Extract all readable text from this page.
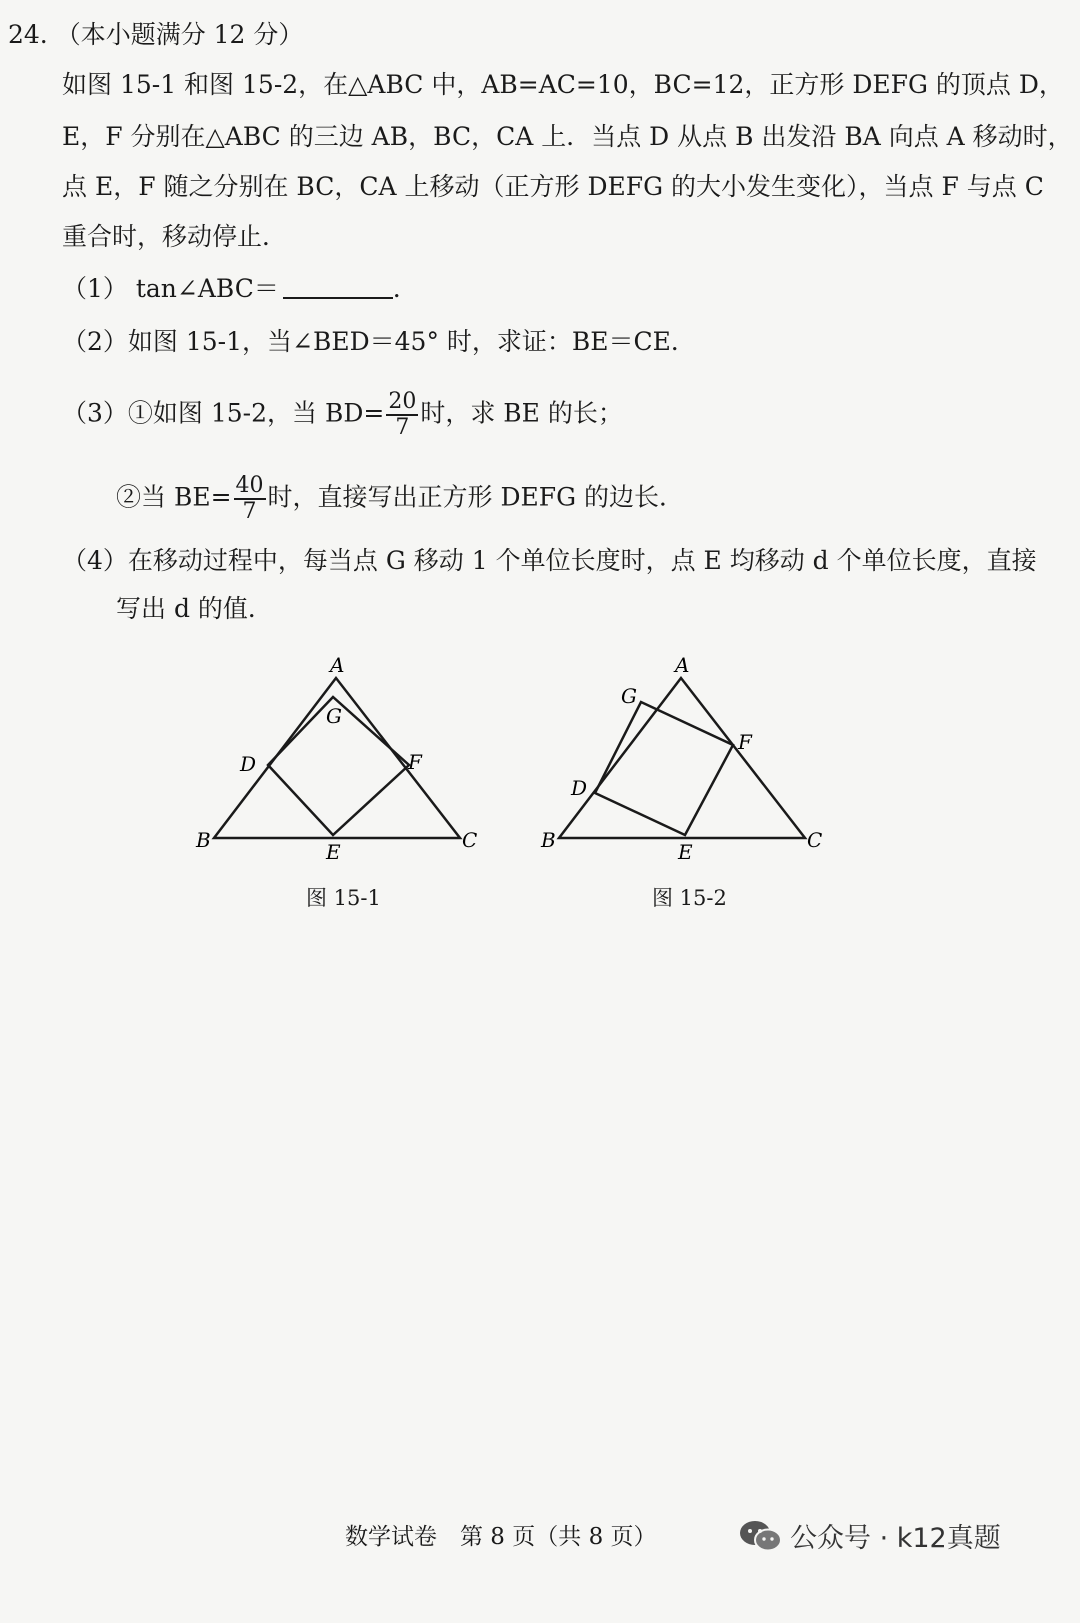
24. （本小题满分 12 分）
如图 15-1 和图 15-2，在△ABC 中，AB=AC=10，BC=12，正方形 DEFG 的顶点 D，
E，F 分别在△ABC 的三边 AB，BC，CA 上．当点 D 从点 B 出发沿 BA 向点 A 移动时，
点 E，F 随之分别在 BC，CA 上移动（正方形 DEFG 的大小发生变化），当点 F 与点 C
重合时，移动停止．
（1） tan∠ABC＝	．
（2）如图 15-1，当∠BED＝45° 时，求证：BE＝CE．
（3）①如图 15-2，当 $BD= \frac{20}{7}$ 时，求 BE 的长；
②当 $BE= \frac{40}{7}$ 时，直接写出正方形 DEFG 的边长．
（4）在移动过程中，每当点 G 移动 1 个单位长度时，点 E 均移动 d 个单位长度，直接
写出 d 的值．
A
G
D	F
B	E	C
图 15-1
A
G
F
D
B	E	C
图 15-2
数学试卷　第 8 页（共 8 页）	公众号 · k12真题
